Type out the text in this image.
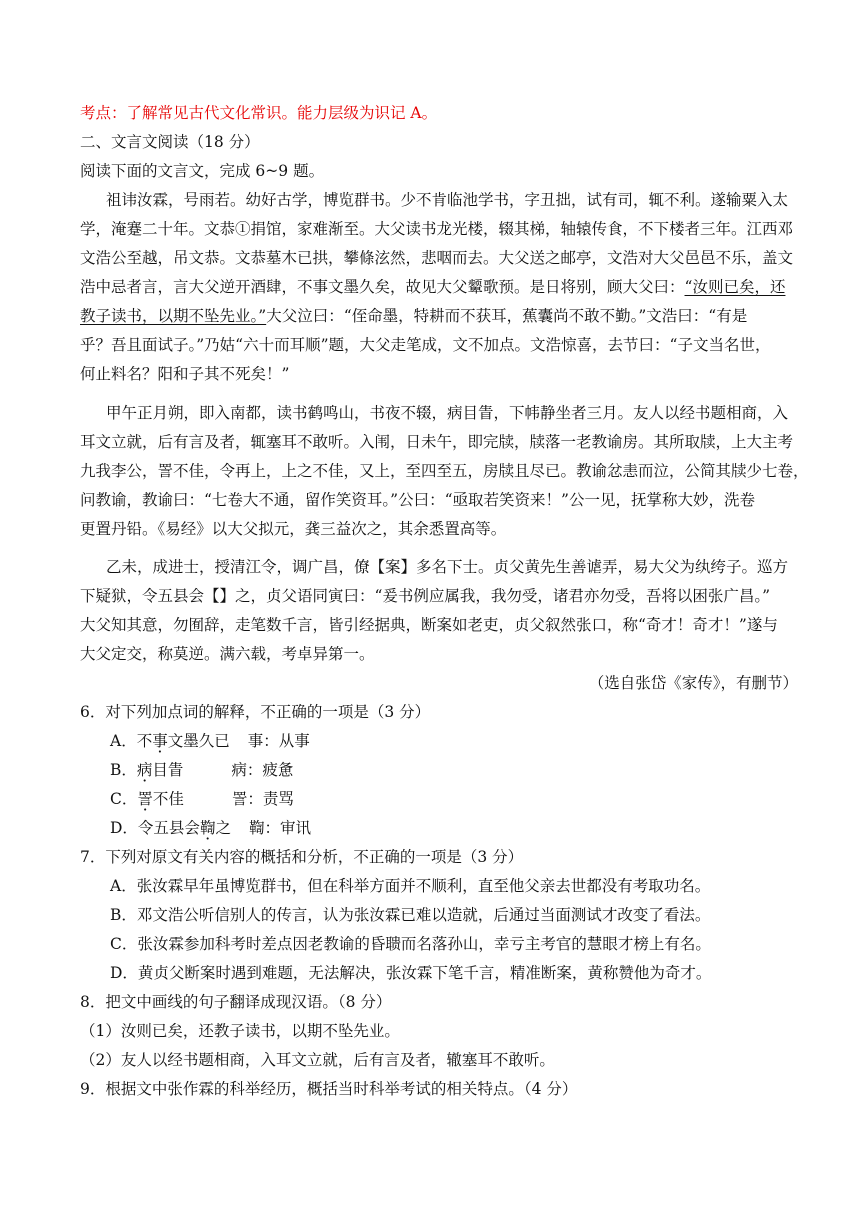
考点：了解常见古代文化常识。能力层级为识记 A。
二、文言文阅读（18 分）
阅读下面的文言文，完成 6~9 题。
祖讳汝霖，号雨若。幼好古学，博览群书。少不肯临池学书，字丑拙，试有司，辄不利。遂输粟入太
学，淹蹇二十年。文恭①捐馆，家难渐至。大父读书龙光楼，辍其梯，轴辕传食，不下楼者三年。江西邓
文浩公至越，吊文恭。文恭墓木已拱，攀條泫然，悲咽而去。大父送之邮亭，文浩对大父邑邑不乐，盖文
浩中忌者言，言大父逆开酒肆，不事文墨久矣，故见大父颦歌预。是日将别，顾大父曰：“汝则已矣，还
教子读书，以期不坠先业。”大父泣曰：“侄命墨，特耕而不获耳，蕉囊尚不敢不勤。”文浩曰：“有是
乎？吾且面试子。”乃姑“六十而耳顺”题，大父走笔成，文不加点。文浩惊喜，去节曰：“子文当名世，
何止料名？阳和子其不死矣！”
甲午正月朔，即入南都，读书鹤鸣山，书夜不辍，病目眚，下帏静坐者三月。友人以经书题相商，入
耳文立就，后有言及者，辄塞耳不敢听。入闱，日未午，即完牍，牍落一老教谕房。其所取牍，上大主考
九我李公，詈不佳，令再上，上之不佳，又上，至四至五，房牍且尽已。教谕忿恚而泣，公简其牍少七卷，
问教谕，教谕曰：“七卷大不通，留作笑资耳。”公曰：“亟取若笑资来！”公一见，抚掌称大妙，洗卷
更置丹铅。《易经》以大父拟元，龚三益次之，其余悉置高等。
乙未，成进士，授清江令，调广昌，僚【案】多名下士。贞父黄先生善谑弄，易大父为纨绔子。巡方
下疑狱，令五县会【】之，贞父语同寅曰：“爰书例应属我，我勿受，诸君亦勿受，吾将以困张广昌。”
大父知其意，勿囿辞，走笔数千言，皆引经据典，断案如老吏，贞父叙然张口，称“奇才！奇才！”遂与
大父定交，称莫逆。满六载，考卓异第一。
（选自张岱《家传》，有删节）
6．对下列加点词的解释，不正确的一项是（3 分）
A．不事文墨久已 事：从事
B．病目眚	病：疲惫
C．詈不佳	詈：责骂
D．令五县会鞫之 鞫：审讯
7．下列对原文有关内容的概括和分析，不正确的一项是（3 分）
A．张汝霖早年虽博览群书，但在科举方面并不顺利，直至他父亲去世都没有考取功名。
B．邓文浩公听信别人的传言，认为张汝霖已难以造就，后通过当面测试才改变了看法。
C．张汝霖参加科考时差点因老教谕的昏聩而名落孙山，幸亏主考官的慧眼才榜上有名。
D．黄贞父断案时遇到难题，无法解决，张汝霖下笔千言，精准断案，黄称赞他为奇才。
8．把文中画线的句子翻译成现汉语。（8 分）
（1）汝则已矣，还教子读书，以期不坠先业。
（2）友人以经书题相商，入耳文立就，后有言及者，辙塞耳不敢听。
9．根据文中张作霖的科举经历，概括当时科举考试的相关特点。（4 分）
